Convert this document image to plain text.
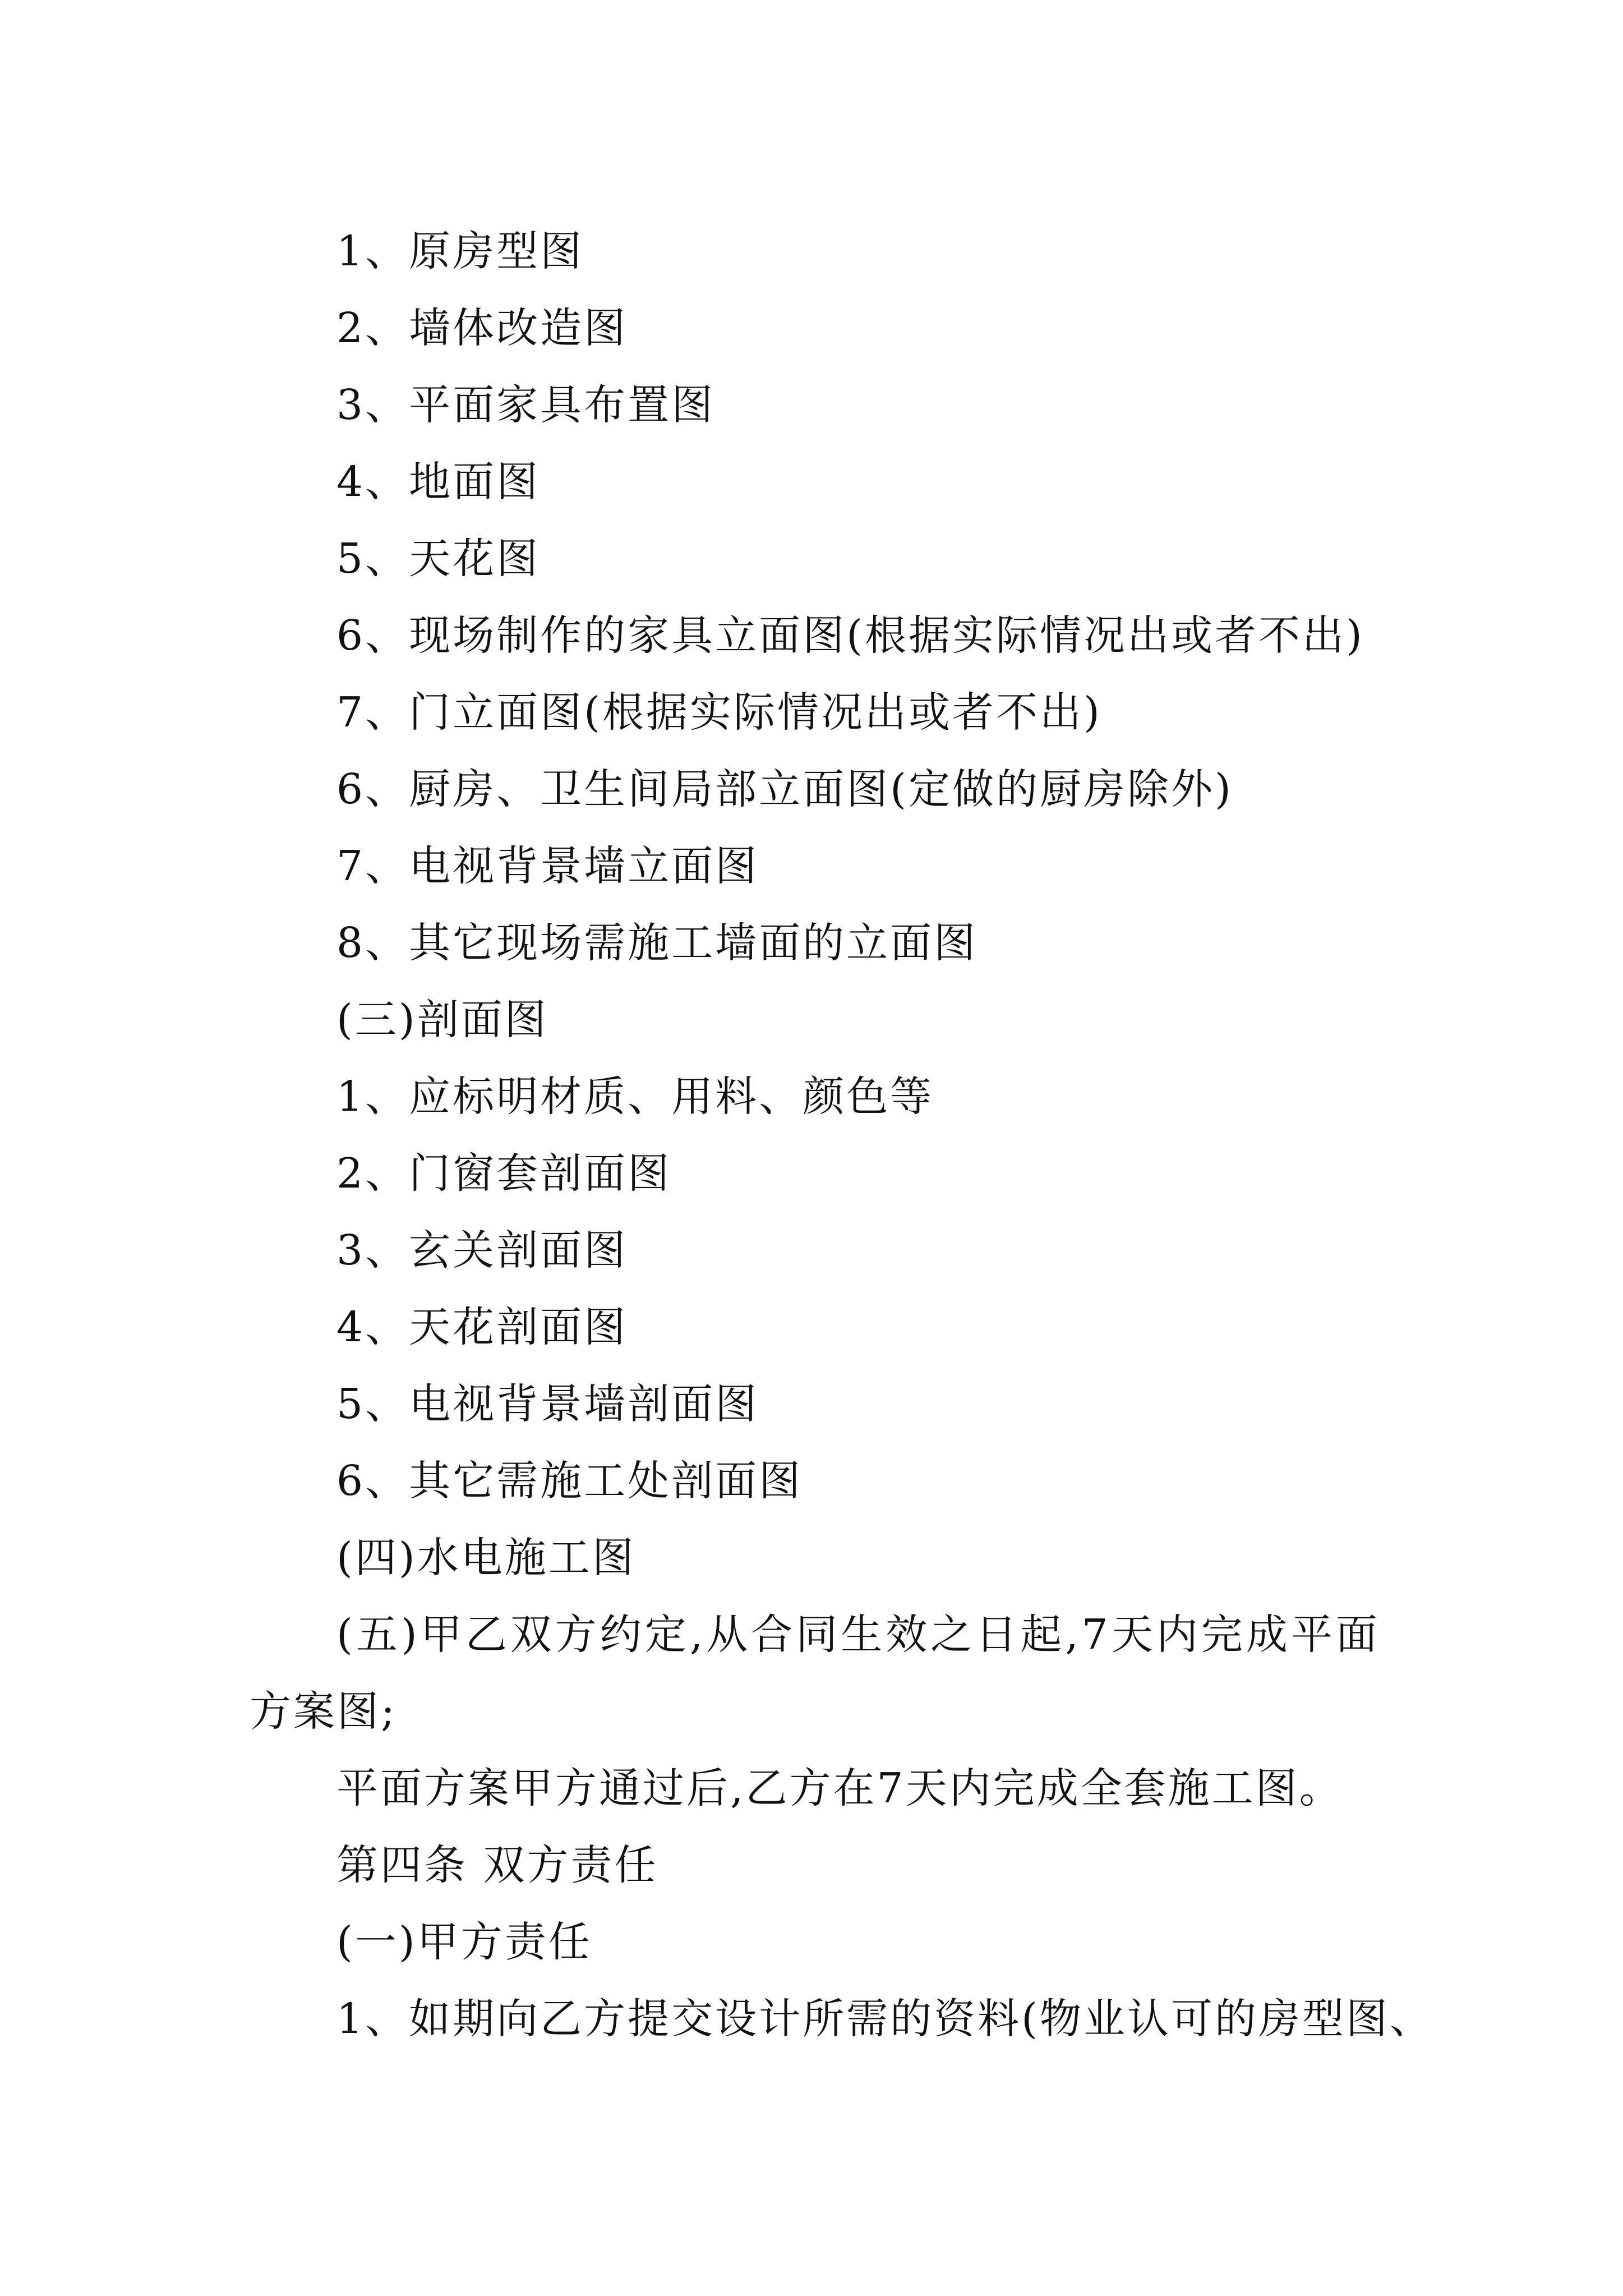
1、原房型图
2、墙体改造图
3、平面家具布置图
4、地面图
5、天花图
6、现场制作的家具立面图(根据实际情况出或者不出)
7、门立面图(根据实际情况出或者不出)
6、厨房、卫生间局部立面图(定做的厨房除外)
7、电视背景墙立面图
8、其它现场需施工墙面的立面图
(三)剖面图
1、应标明材质、用料、颜色等
2、门窗套剖面图
3、玄关剖面图
4、天花剖面图
5、电视背景墙剖面图
6、其它需施工处剖面图
(四)水电施工图
(五)甲乙双方约定,从合同生效之日起,7天内完成平面
方案图;
平面方案甲方通过后,乙方在7天内完成全套施工图。
第四条 双方责任
(一)甲方责任
1、如期向乙方提交设计所需的资料(物业认可的房型图、
